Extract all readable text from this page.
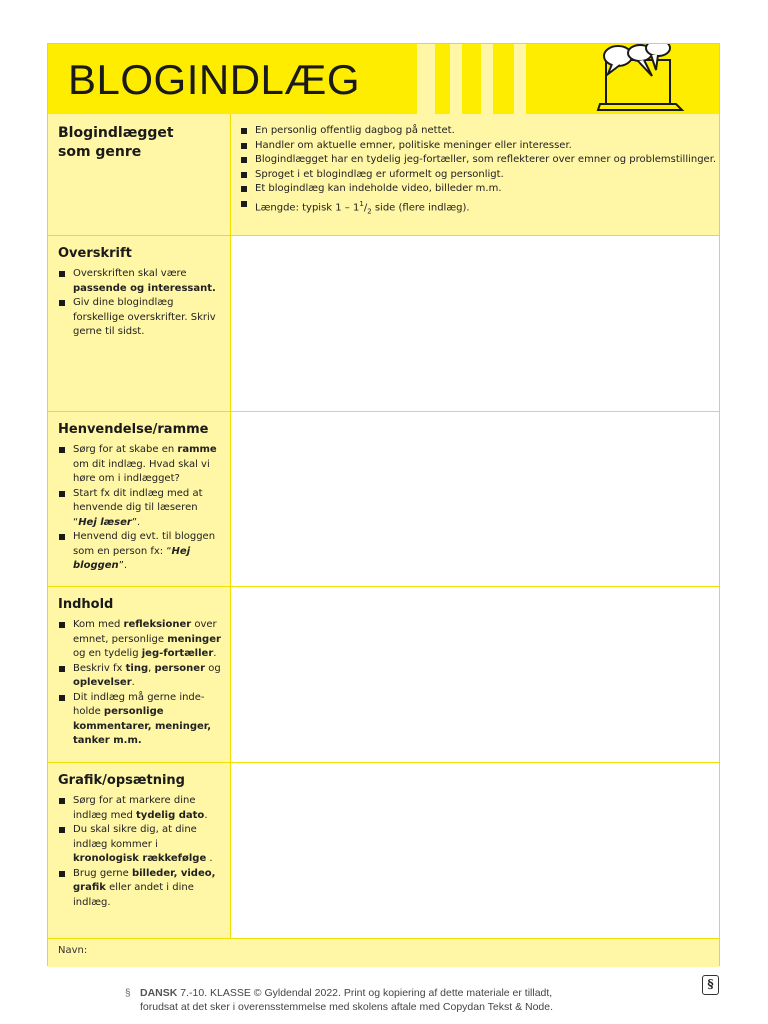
BLOGINDLÆG
Blogindlægget
som genre
En personlig offentlig dagbog på nettet.
Handler om aktuelle emner, politiske meninger eller interesser.
Blogindlægget har en tydelig jeg-fortæller, som reflekterer over emner og problemstillinger.
Sproget i et blogindlæg er uformelt og personligt.
Et blogindlæg kan indeholde video, billeder m.m.
Længde: typisk $1 - 1^1/_2$ side (flere indlæg).
Overskrift
Overskriften skal være passende og interessant.
Giv dine blogindlæg forskellige overskrifter. Skriv gerne til sidst.
Henvendelse/ramme
Sørg for at skabe en ramme om dit indlæg. Hvad skal vi høre om i indlægget?
Start fx dit indlæg med at henvende dig til læseren “Hej læser”.
Henvend dig evt. til bloggen som en person fx: “Hej bloggen”.
Indhold
Kom med refleksioner over emnet, personlige meninger og en tydelig jeg-fortæller.
Beskriv fx ting, personer og oplevelser.
Dit indlæg må gerne inde- holde personlige kommentarer, meninger, tanker m.m.
Grafik/opsætning
Sørg for at markere dine indlæg med tydelig dato.
Du skal sikre dig, at dine indlæg kommer i kronologisk rækkefølge .
Brug gerne billeder, video, grafik eller andet i dine indlæg.
Navn:
§ DANSK 7.-10. KLASSE © Gyldendal 2022. Print og kopiering af dette materiale er tilladt,
forudsat at det sker i overensstemmelse med skolens aftale med Copydan Tekst & Node.
§
